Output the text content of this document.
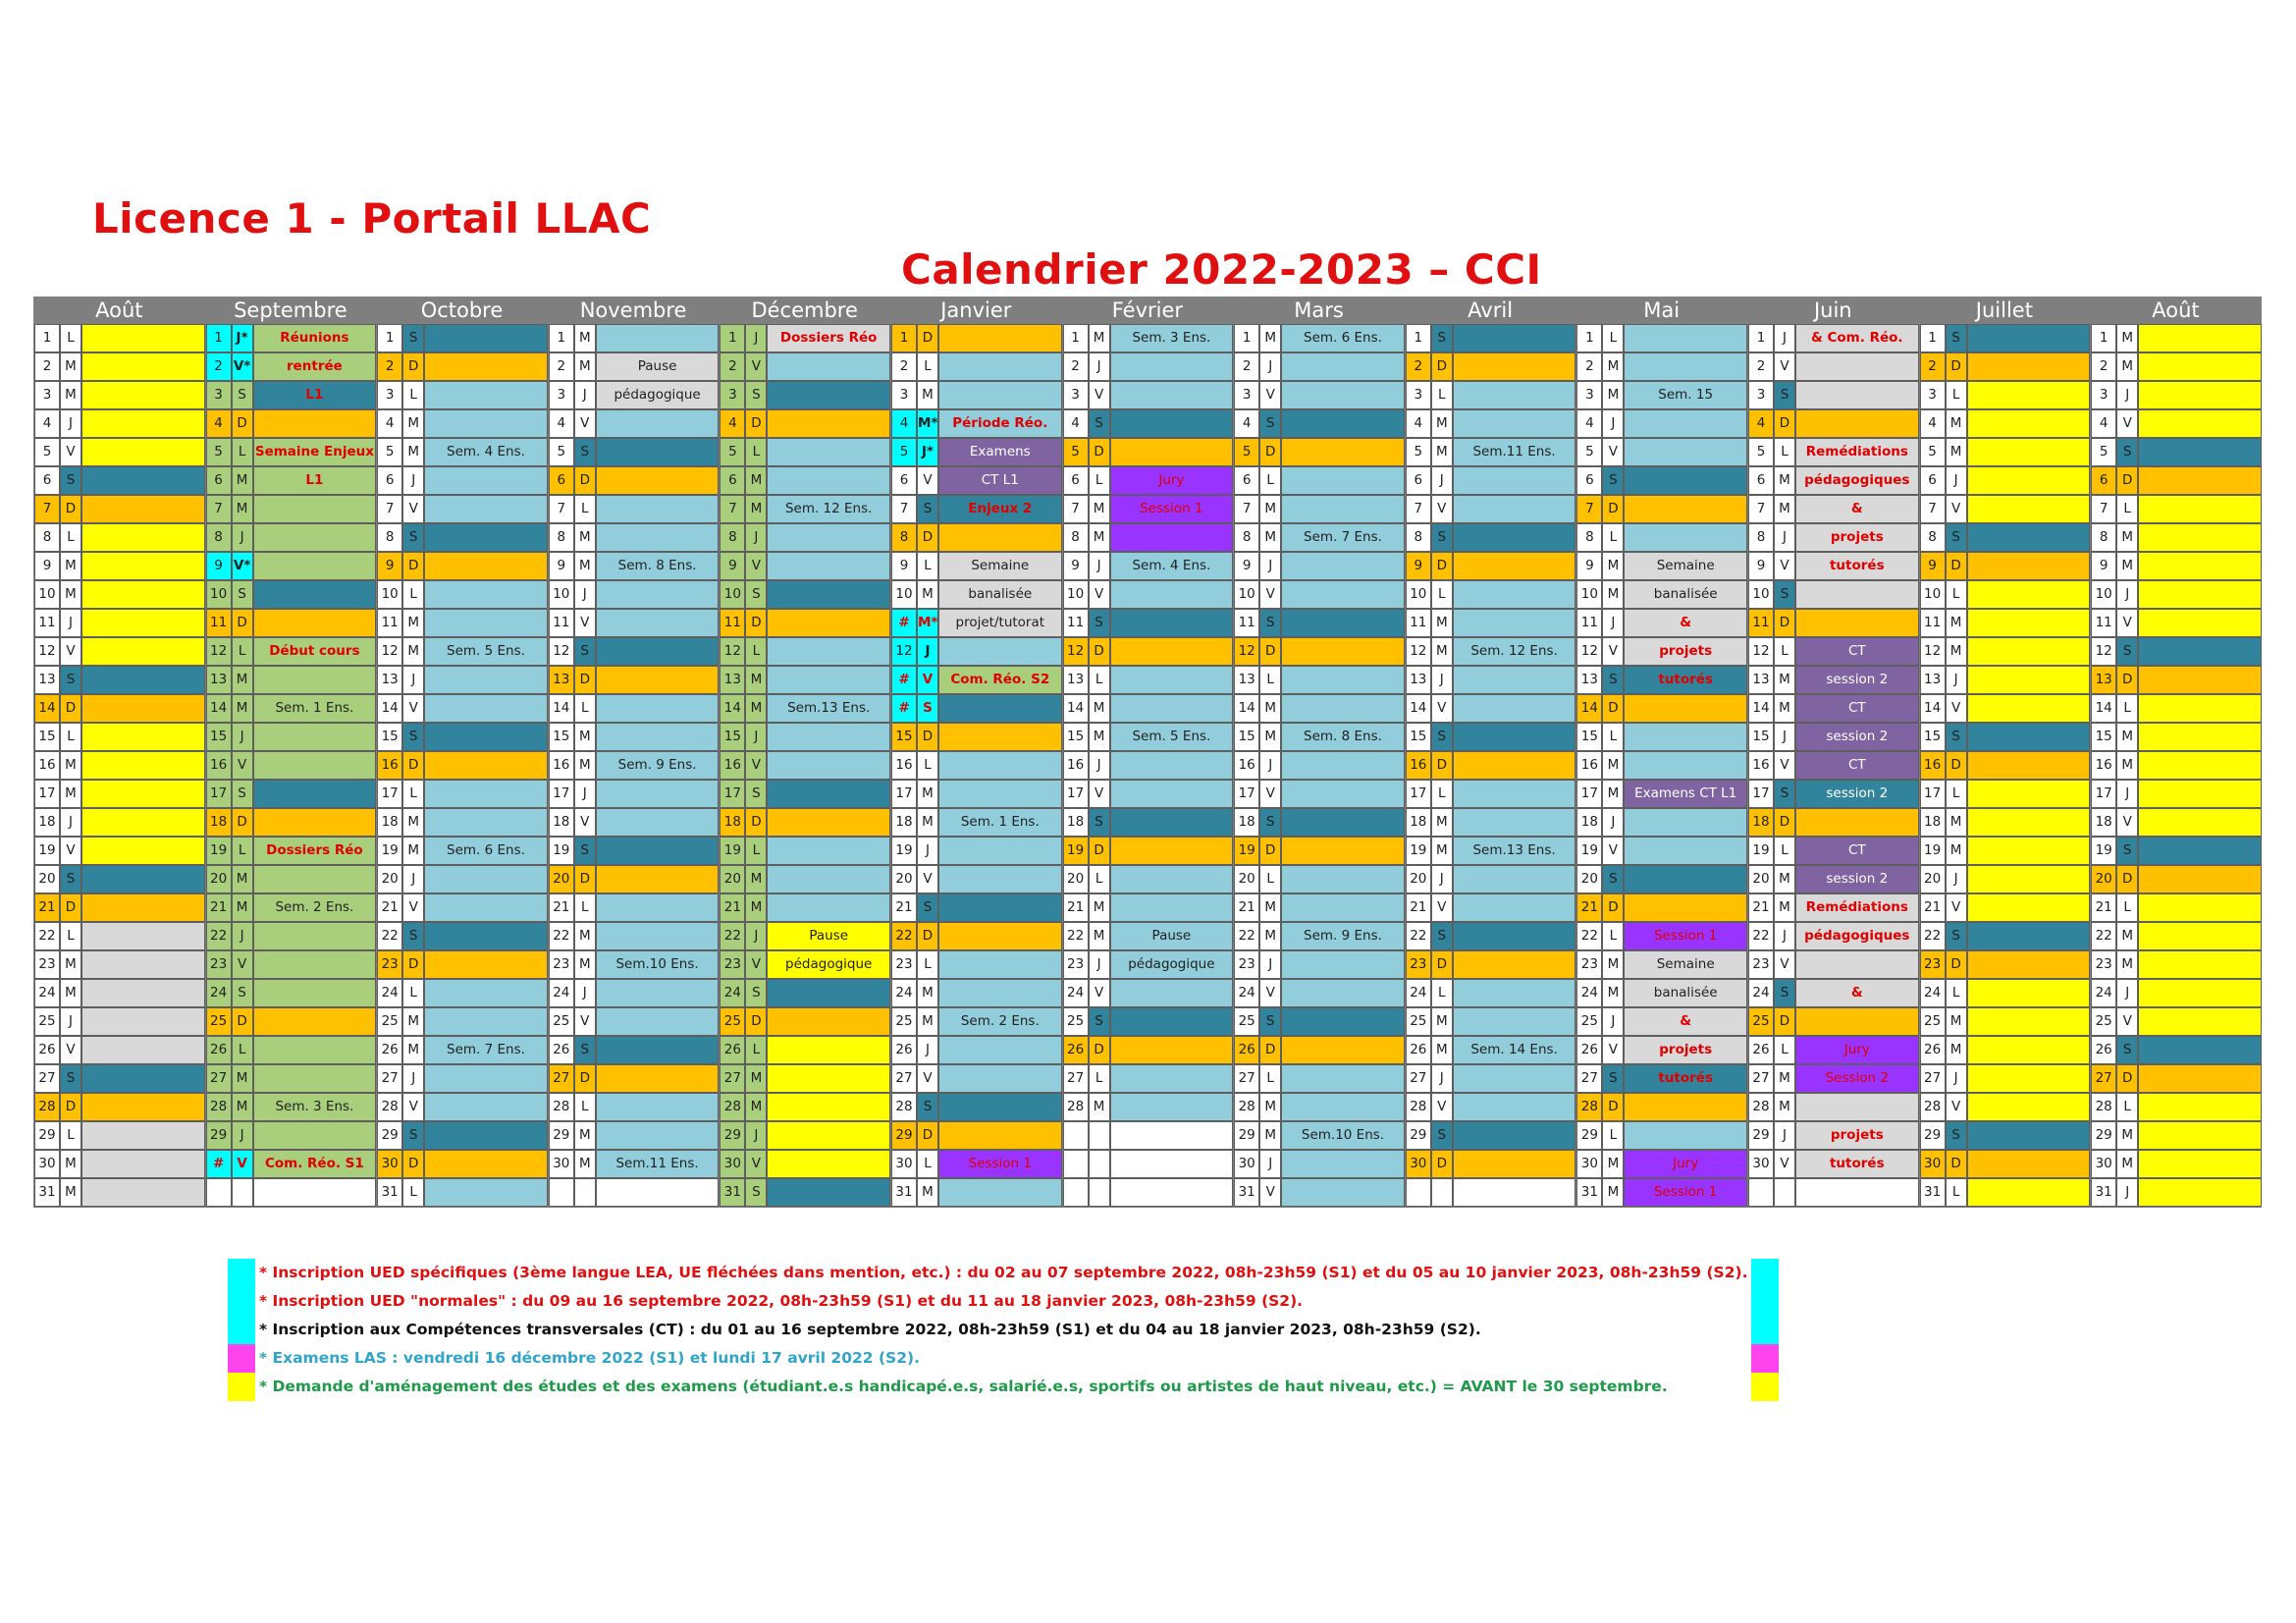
Licence 1 - Portail LLAC
Calendrier 2022-2023 – CCI
Août
1	L
2	M
3	M
4	J
5	V
6	S
7	D
8	L
9	M
10 M
11 J
12 V
13 S
14 D
15 L
16 M
17 M
18 J
19 V
20 S
21 D
22 L
23 M
24 M
25 J
26 V
27 S
28 D
29 L
30 M
31 M
Septembre
1	J*	Réunions
2 V*	rentrée
3	S	L1
4	D
5	L Semaine Enjeux
6	M	L1
7	M
8	J
9 V*
10 S
11 D
12 L	Début cours
13 M
14 M	Sem. 1 Ens.
15 J
16 V
17 S
18 D
19 L	Dossiers Réo
20 M
21 M	Sem. 2 Ens.
22 J
23 V
24 S
25 D
26 L
27 M
28 M	Sem. 3 Ens.
29 J
# V	Com. Réo. S1
Octobre
1	S
2	D
3	L
4	M
5	M	Sem. 4 Ens.
6	J
7	V
8	S
9	D
10 L
11 M
12 M	Sem. 5 Ens.
13 J
14 V
15 S
16 D
17 L
18 M
19 M	Sem. 6 Ens.
20 J
21 V
22 S
23 D
24 L
25 M
26 M	Sem. 7 Ens.
27 J
28 V
29 S
30 D
31 L
Novembre
1	M
2	M	Pause
3	J	pédagogique
4	V
5	S
6	D
7	L
8	M
9	M	Sem. 8 Ens.
10 J
11 V
12 S
13 D
14 L
15 M
16 M	Sem. 9 Ens.
17 J
18 V
19 S
20 D
21 L
22 M
23 M	Sem.10 Ens.
24 J
25 V
26 S
27 D
28 L
29 M
30 M	Sem.11 Ens.
Décembre
1	J	Dossiers Réo
2	V
3	S
4	D
5	L
6	M
7	M	Sem. 12 Ens.
8	J
9	V
10 S
11 D
12 L
13 M
14 M	Sem.13 Ens.
15 J
16 V
17 S
18 D
19 L
20 M
21 M
22 J	Pause
23 V	pédagogique
24 S
25 D
26 L
27 M
28 M
29 J
30 V
31 S
Janvier
1	D
2	L
3	M
4 M*	Période Réo.
5	J*	Examens
6	V	CT L1
7	S	Enjeux 2
8	D
9	L	Semaine
10 M	banalisée
# M*	projet/tutorat
12 J
# V	Com. Réo. S2
# S
15 D
16 L
17 M
18 M	Sem. 1 Ens.
19 J
20 V
21 S
22 D
23 L
24 M
25 M	Sem. 2 Ens.
26 J
27 V
28 S
29 D
30 L	Session 1
31 M
Février
1	M	Sem. 3 Ens.
2	J
3	V
4	S
5	D
6	L	Jury
7	M	Session 1
8	M
9	J	Sem. 4 Ens.
10 V
11 S
12 D
13 L
14 M
15 M	Sem. 5 Ens.
16 J
17 V
18 S
19 D
20 L
21 M
22 M	Pause
23 J	pédagogique
24 V
25 S
26 D
27 L
28 M
Mars
1	M	Sem. 6 Ens.
2	J
3	V
4	S
5	D
6	L
7	M
8	M	Sem. 7 Ens.
9	J
10 V
11 S
12 D
13 L
14 M
15 M	Sem. 8 Ens.
16 J
17 V
18 S
19 D
20 L
21 M
22 M	Sem. 9 Ens.
23 J
24 V
25 S
26 D
27 L
28 M
29 M	Sem.10 Ens.
30 J
31 V
Avril
1	S
2	D
3	L
4	M
5	M	Sem.11 Ens.
6	J
7	V
8	S
9	D
10 L
11 M
12 M	Sem. 12 Ens.
13 J
14 V
15 S
16 D
17 L
18 M
19 M	Sem.13 Ens.
20 J
21 V
22 S
23 D
24 L
25 M
26 M	Sem. 14 Ens.
27 J
28 V
29 S
30 D
Mai
1	L
2	M
3	M	Sem. 15
4	J
5	V
6	S
7	D
8	L
9	M	Semaine
10 M	banalisée
11 J	&
12 V	projets
13 S	tutorés
14 D
15 L
16 M
17 M	Examens CT L1
18 J
19 V
20 S
21 D
22 L	Session 1
23 M	Semaine
24 M	banalisée
25 J	&
26 V	projets
27 S	tutorés
28 D
29 L
30 M	Jury
31 M	Session 1
Juin
1	J	& Com. Réo.
2	V
3	S
4	D
5	L	Remédiations
6	M	pédagogiques
7	M	&
8	J	projets
9	V	tutorés
10 S
11 D
12 L	CT
13 M	session 2
14 M	CT
15 J	session 2
16 V	CT
17 S	session 2
18 D
19 L	CT
20 M	session 2
21 M	Remédiations
22 J	pédagogiques
23 V
24 S	&
25 D
26 L	Jury
27 M	Session 2
28 M
29 J	projets
30 V	tutorés
Juillet
1	S
2	D
3	L
4	M
5	M
6	J
7	V
8	S
9	D
10 L
11 M
12 M
13 J
14 V
15 S
16 D
17 L
18 M
19 M
20 J
21 V
22 S
23 D
24 L
25 M
26 M
27 J
28 V
29 S
30 D
31 L
Août
1	M
2	M
3	J
4	V
5	S
6	D
7	L
8	M
9	M
10 J
11 V
12 S
13 D
14 L
15 M
16 M
17 J
18 V
19 S
20 D
21 L
22 M
23 M
24 J
25 V
26 S
27 D
28 L
29 M
30 M
31 J
* Inscription UED spécifiques (3ème langue LEA, UE fléchées dans mention, etc.) : du 02 au 07 septembre 2022, 08h-23h59 (S1) et du 05 au 10 janvier 2023, 08h-23h59 (S2).
* Inscription UED "normales" : du 09 au 16 septembre 2022, 08h-23h59 (S1) et du 11 au 18 janvier 2023, 08h-23h59 (S2).
* Inscription aux Compétences transversales (CT) : du 01 au 16 septembre 2022, 08h-23h59 (S1) et du 04 au 18 janvier 2023, 08h-23h59 (S2).
* Examens LAS : vendredi 16 décembre 2022 (S1) et lundi 17 avril 2022 (S2).
* Demande d'aménagement des études et des examens (étudiant.e.s handicapé.e.s, salarié.e.s, sportifs ou artistes de haut niveau, etc.) = AVANT le 30 septembre.
